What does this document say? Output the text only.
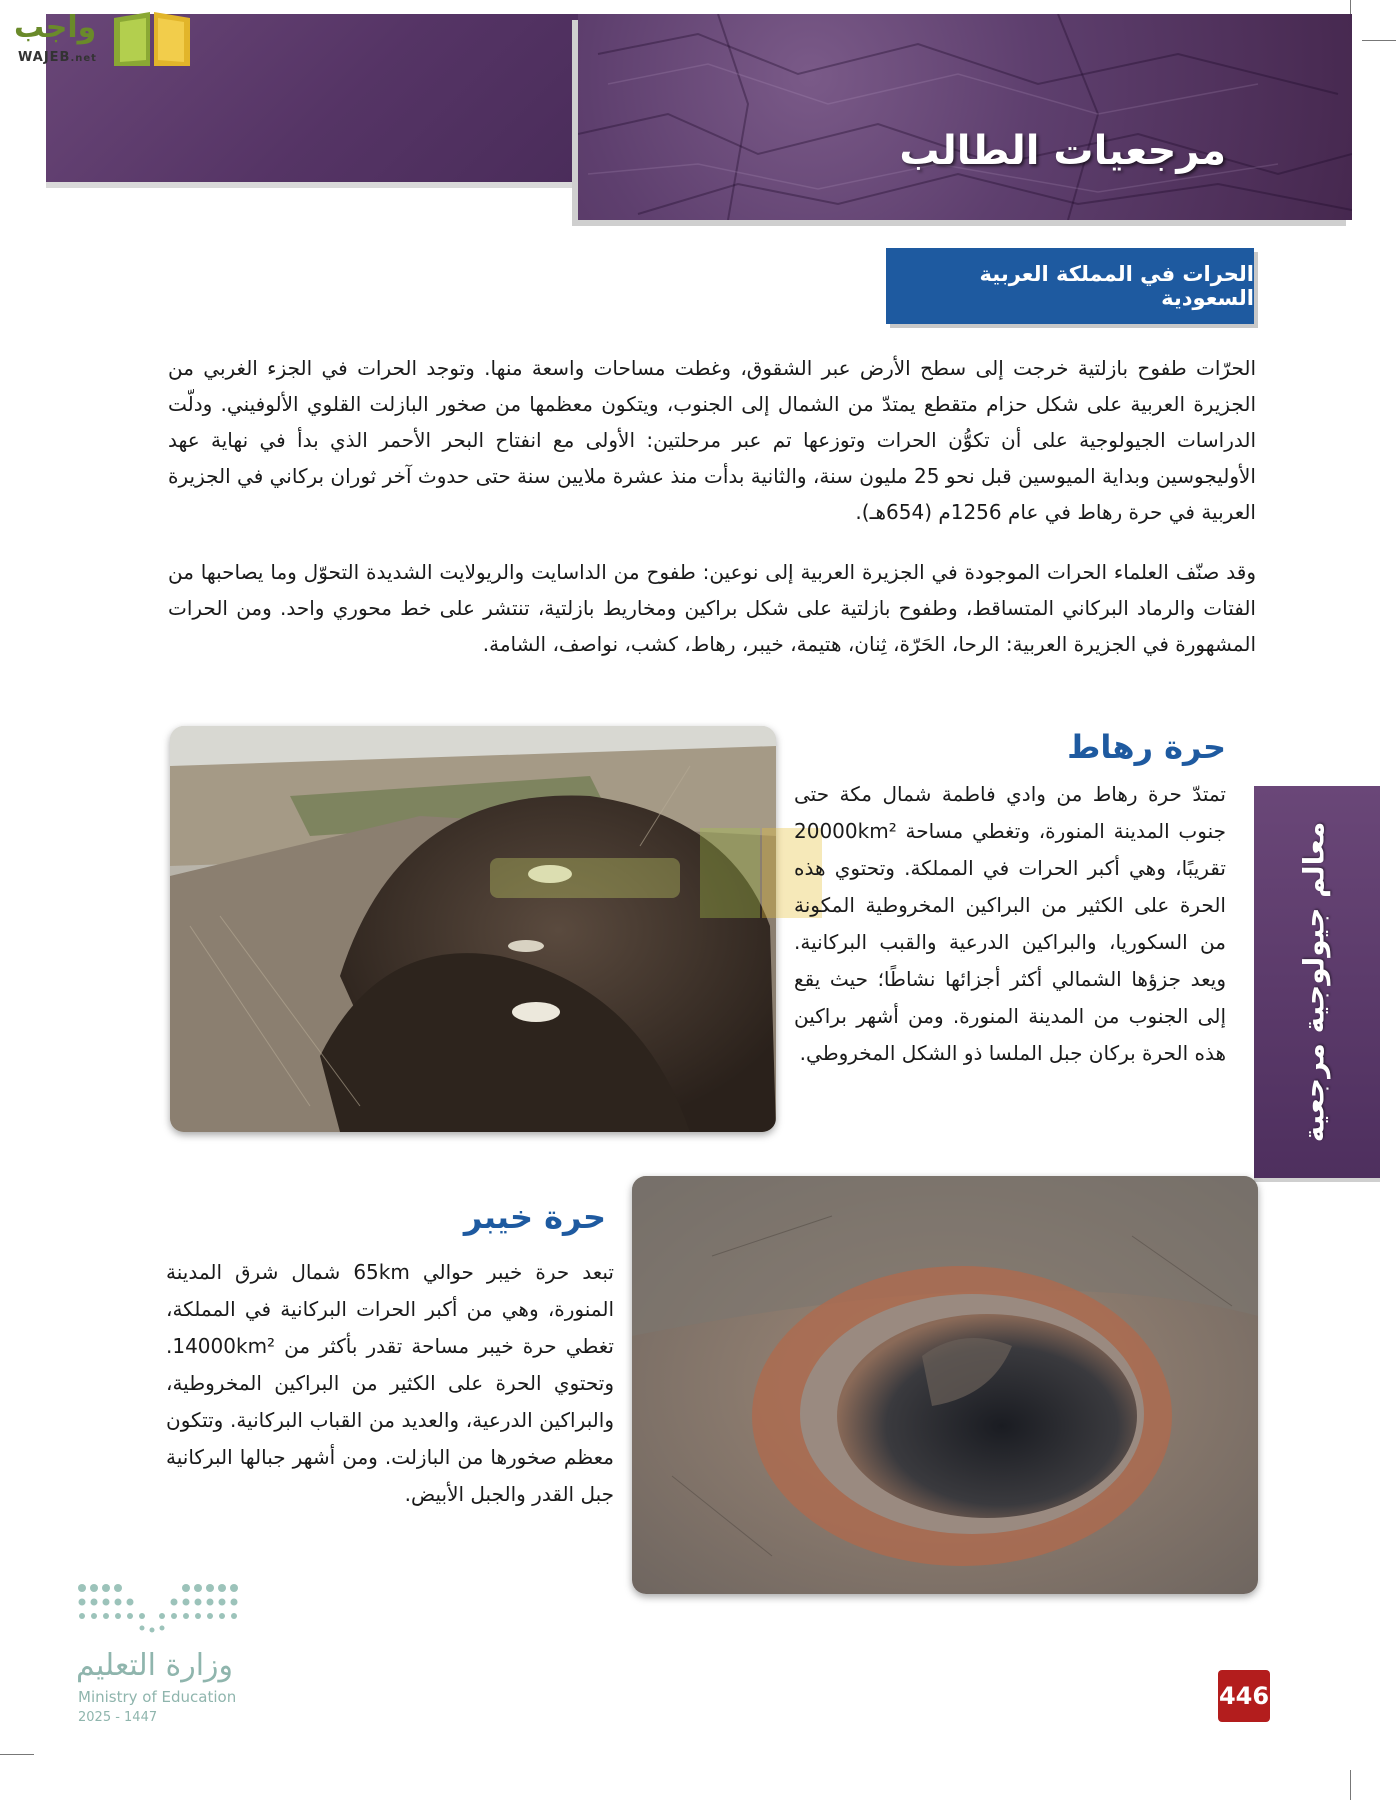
مرجعيات الطالب
واجب
WAJEB.net
الحرات في المملكة العربية السعودية

الحرّات طفوح بازلتية خرجت إلى سطح الأرض عبر الشقوق، وغطت مساحات واسعة منها. وتوجد الحرات في الجزء الغربي من الجزيرة العربية على شكل حزام متقطع يمتدّ من الشمال إلى الجنوب، ويتكون معظمها من صخور البازلت القلوي الألوفيني. ودلّت الدراسات الجيولوجية على أن تكوُّن الحرات وتوزعها تم عبر مرحلتين: الأولى مع انفتاح البحر الأحمر الذي بدأ في نهاية عهد الأوليجوسين وبداية الميوسين قبل نحو 25 مليون سنة، والثانية بدأت منذ عشرة ملايين سنة حتى حدوث آخر ثوران بركاني في الجزيرة العربية في حرة رهاط في عام 1256م (654هـ).

وقد صنّف العلماء الحرات الموجودة في الجزيرة العربية إلى نوعين: طفوح من الداسايت والريولايت الشديدة التحوّل وما يصاحبها من الفتات والرماد البركاني المتساقط، وطفوح بازلتية على شكل براكين ومخاريط بازلتية، تنتشر على خط محوري واحد. ومن الحرات المشهورة في الجزيرة العربية: الرحا، الحَرّة، ثِنان، هتيمة، خيبر، رهاط، كشب، نواصف، الشامة.

حرة رهاط

تمتدّ حرة رهاط من وادي فاطمة شمال مكة حتى جنوب المدينة المنورة، وتغطي مساحة 20000km² تقريبًا، وهي أكبر الحرات في المملكة. وتحتوي هذه الحرة على الكثير من البراكين المخروطية المكونة من السكوريا، والبراكين الدرعية والقبب البركانية. ويعد جزؤها الشمالي أكثر أجزائها نشاطًا؛ حيث يقع إلى الجنوب من المدينة المنورة. ومن أشهر براكين هذه الحرة بركان جبل الملسا ذو الشكل المخروطي.	معالم جيولوجية مرجعية
حرة خيبر

تبعد حرة خيبر حوالي 65km شمال شرق المدينة المنورة، وهي من أكبر الحرات البركانية في المملكة، تغطي حرة خيبر مساحة تقدر بأكثر من 14000km². وتحتوي الحرة على الكثير من البراكين المخروطية، والبراكين الدرعية، والعديد من القباب البركانية. وتتكون معظم صخورها من البازلت. ومن أشهر جبالها البركانية جبل القدر والجبل الأبيض.

وزارة التعليم
Ministry of Education
2025 - 1447
446
